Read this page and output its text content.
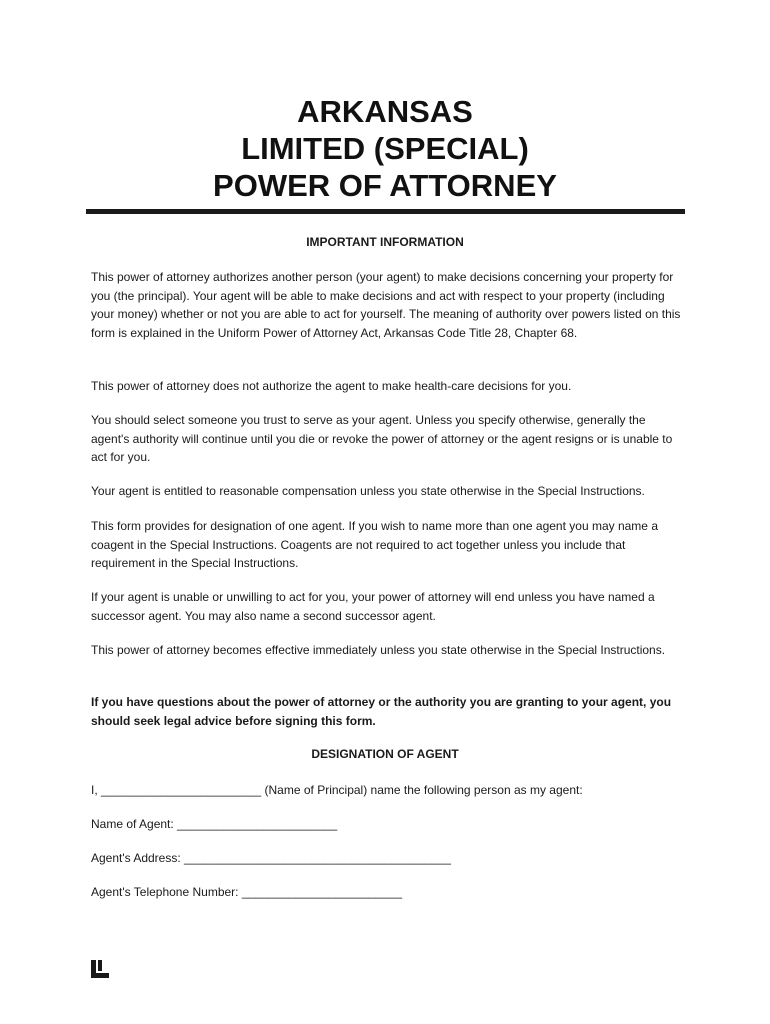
ARKANSAS
LIMITED (SPECIAL)
POWER OF ATTORNEY
IMPORTANT INFORMATION

This power of attorney authorizes another person (your agent) to make decisions concerning your property for you (the principal). Your agent will be able to make decisions and act with respect to your property (including your money) whether or not you are able to act for yourself. The meaning of authority over powers listed on this form is explained in the Uniform Power of Attorney Act, Arkansas Code Title 28, Chapter 68.

This power of attorney does not authorize the agent to make health-care decisions for you.

You should select someone you trust to serve as your agent. Unless you specify otherwise, generally the agent's authority will continue until you die or revoke the power of attorney or the agent resigns or is unable to act for you.

Your agent is entitled to reasonable compensation unless you state otherwise in the Special Instructions.

This form provides for designation of one agent. If you wish to name more than one agent you may name a coagent in the Special Instructions. Coagents are not required to act together unless you include that requirement in the Special Instructions.

If your agent is unable or unwilling to act for you, your power of attorney will end unless you have named a successor agent. You may also name a second successor agent.

This power of attorney becomes effective immediately unless you state otherwise in the Special Instructions.

If you have questions about the power of attorney or the authority you are granting to your agent, you should seek legal advice before signing this form.

DESIGNATION OF AGENT

I, ________________________ (Name of Principal) name the following person as my agent:

Name of Agent: ________________________

Agent's Address: ________________________________________

Agent's Telephone Number: ________________________
